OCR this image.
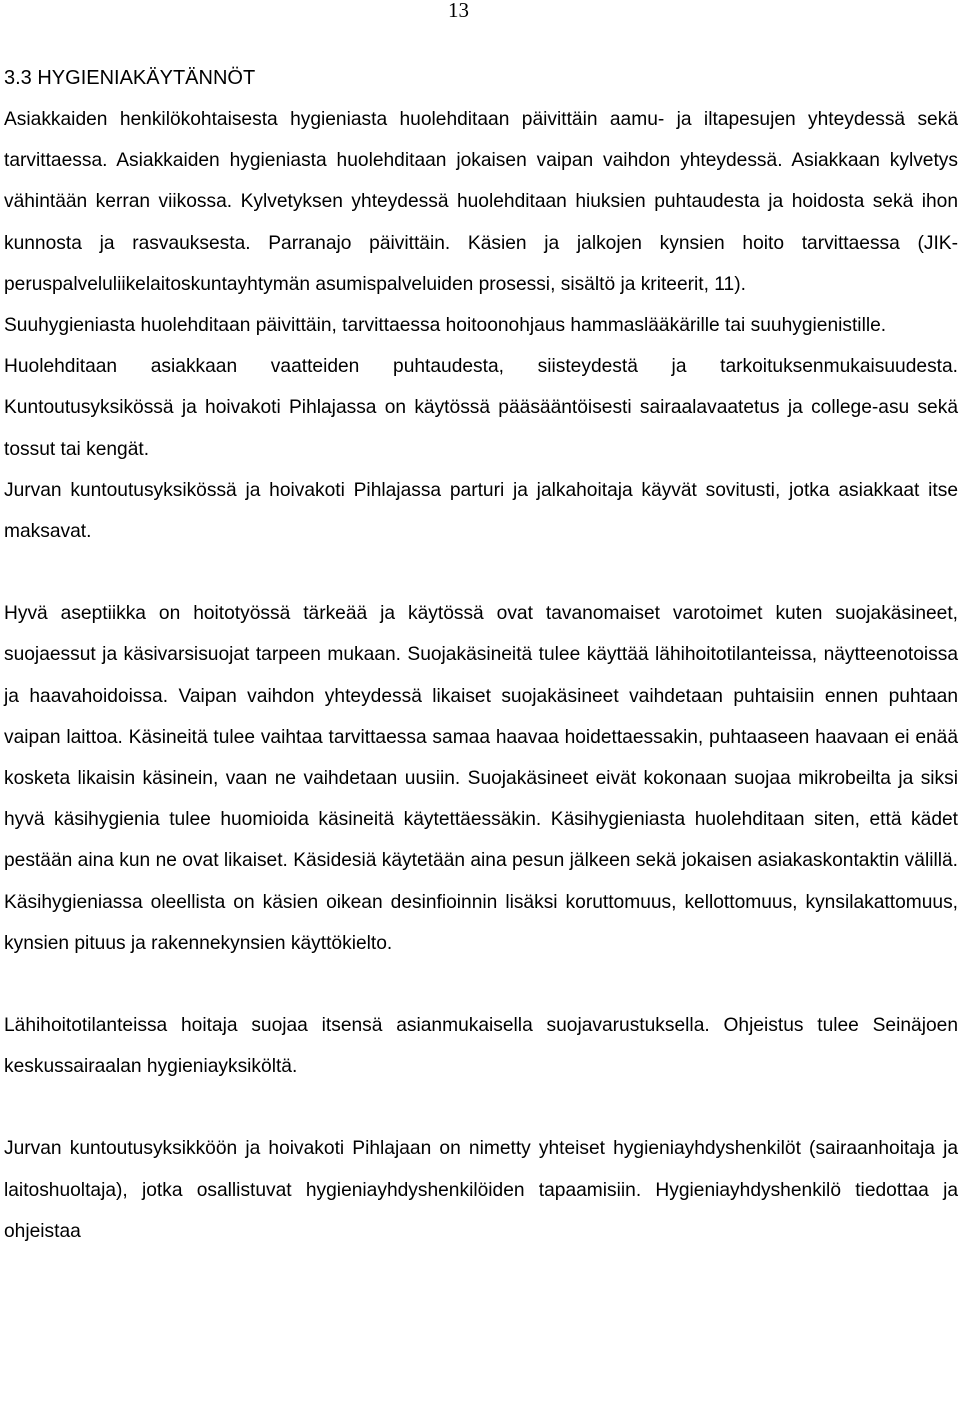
13
3.3 HYGIENIAKÄYTÄNNÖT

Asiakkaiden henkilökohtaisesta hygieniasta huolehditaan päivittäin aamu- ja iltapesujen yhteydessä sekä tarvittaessa. Asiakkaiden hygieniasta huolehditaan jokaisen vaipan vaihdon yhteydessä. Asiakkaan kylvetys vähintään kerran viikossa. Kylvetyksen yhteydessä huolehditaan hiuksien puhtaudesta ja hoidosta sekä ihon kunnosta ja rasvauksesta. Parranajo päivittäin. Käsien ja jalkojen kynsien hoito tarvittaessa (JIK-peruspalveluliikelaitoskuntayhtymän asumispalveluiden prosessi, sisältö ja kriteerit, 11).

Suuhygieniasta huolehditaan päivittäin, tarvittaessa hoitoonohjaus hammaslääkärille tai suuhygienistille.

Huolehditaan asiakkaan vaatteiden puhtaudesta, siisteydestä ja tarkoituksenmukaisuudesta. Kuntoutusyksikössä ja hoivakoti Pihlajassa on käytössä pääsääntöisesti sairaalavaatetus ja college-asu sekä tossut tai kengät.

Jurvan kuntoutusyksikössä ja hoivakoti Pihlajassa parturi ja jalkahoitaja käyvät sovitusti, jotka asiakkaat itse maksavat.

Hyvä aseptiikka on hoitotyössä tärkeää ja käytössä ovat tavanomaiset varotoimet kuten suojakäsineet, suojaessut ja käsivarsisuojat tarpeen mukaan. Suojakäsineitä tulee käyttää lähihoitotilanteissa, näytteenotoissa ja haavahoidoissa. Vaipan vaihdon yhteydessä likaiset suojakäsineet vaihdetaan puhtaisiin ennen puhtaan vaipan laittoa. Käsineitä tulee vaihtaa tarvittaessa samaa haavaa hoidettaessakin, puhtaaseen haavaan ei enää kosketa likaisin käsinein, vaan ne vaihdetaan uusiin. Suojakäsineet eivät kokonaan suojaa mikrobeilta ja siksi hyvä käsihygienia tulee huomioida käsineitä käytettäessäkin. Käsihygieniasta huolehditaan siten, että kädet pestään aina kun ne ovat likaiset. Käsidesiä käytetään aina pesun jälkeen sekä jokaisen asiakaskontaktin välillä. Käsihygieniassa oleellista on käsien oikean desinfioinnin lisäksi koruttomuus, kellottomuus, kynsilakattomuus, kynsien pituus ja rakennekynsien käyttökielto.

Lähihoitotilanteissa hoitaja suojaa itsensä asianmukaisella suojavarustuksella. Ohjeistus tulee Seinäjoen keskussairaalan hygieniayksiköltä.

Jurvan kuntoutusyksikköön ja hoivakoti Pihlajaan on nimetty yhteiset hygieniayhdyshenkilöt (sairaanhoitaja ja laitoshuoltaja), jotka osallistuvat hygieniayhdyshenkilöiden tapaamisiin. Hygieniayhdyshenkilö tiedottaa ja ohjeistaa
